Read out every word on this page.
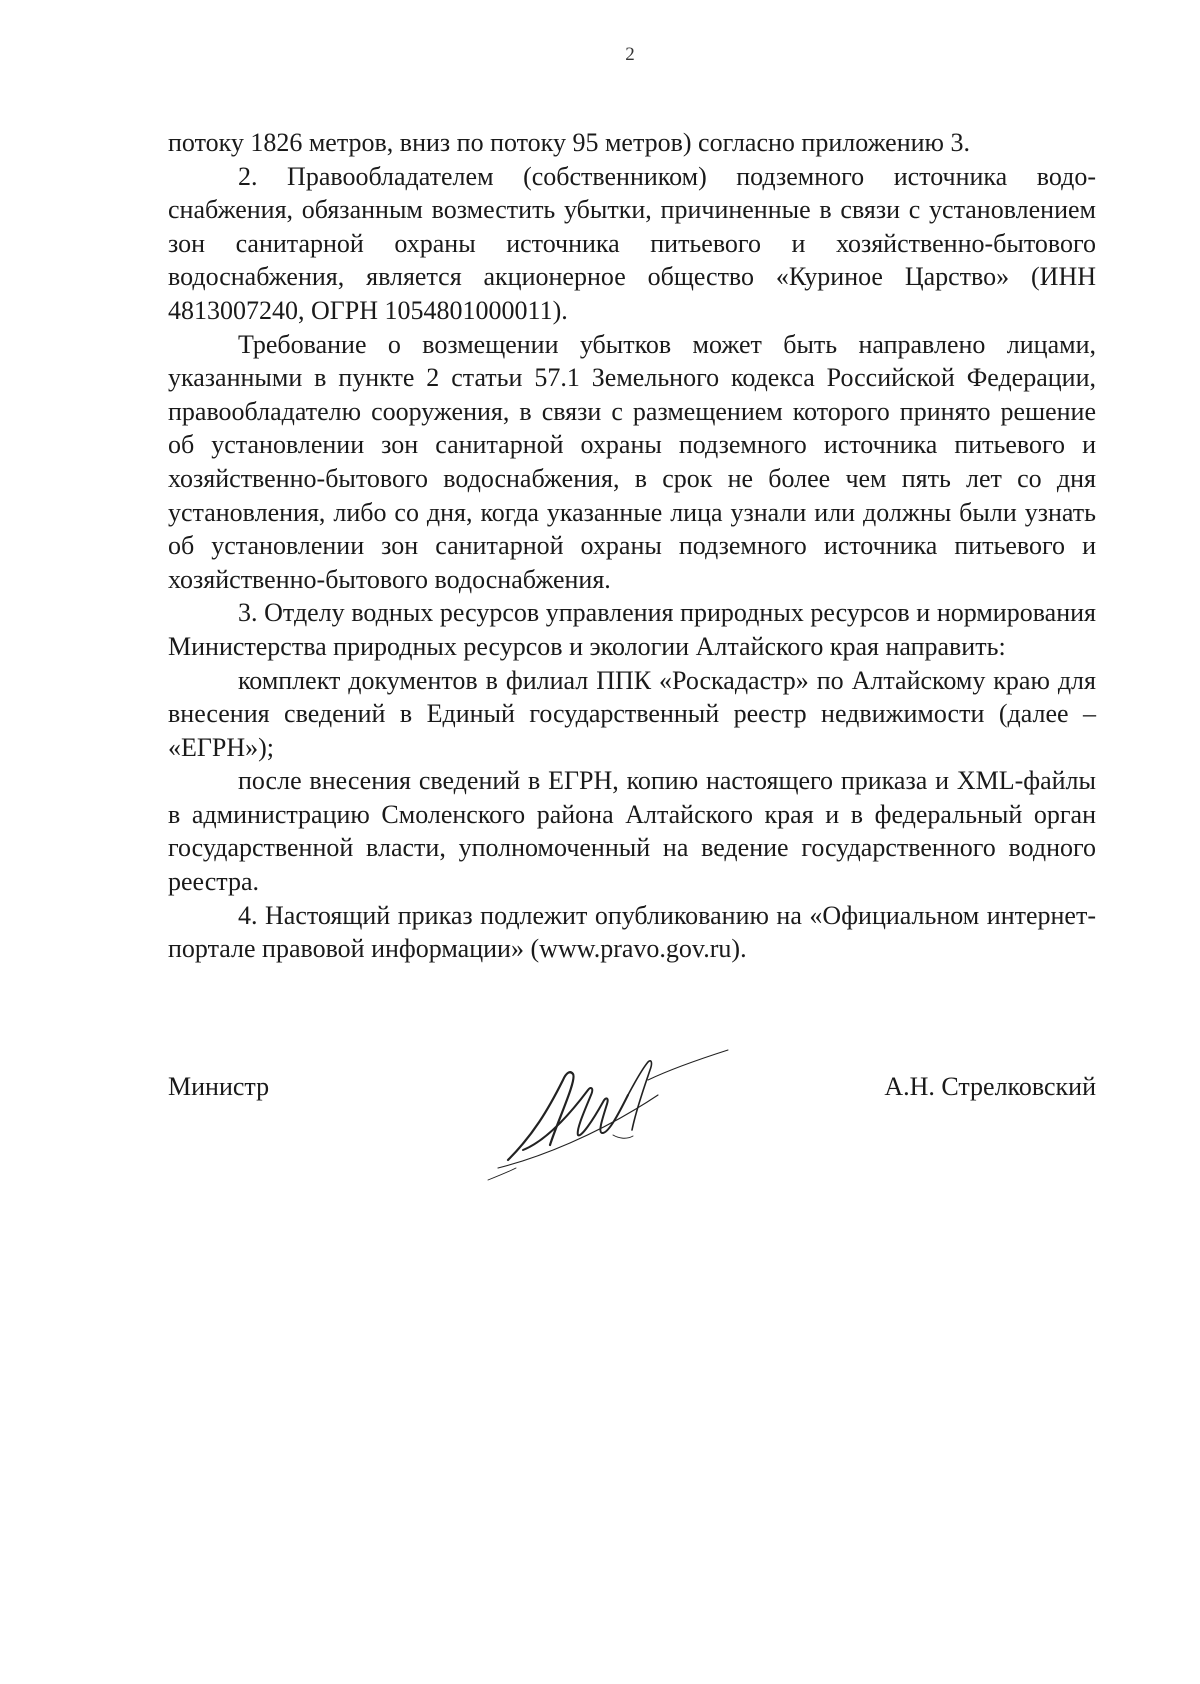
2

потоку 1826 метров, вниз по потоку 95 метров) согласно приложению 3.

2. Правообладателем (собственником) подземного источника водоснабжения, обязанным возместить убытки, причиненные в связи с установлением зон санитарной охраны источника питьевого и хозяйственно-бытового водоснабжения, является акционерное общество «Куриное Царство» (ИНН 4813007240, ОГРН 1054801000011).

Требование о возмещении убытков может быть направлено лицами, указанными в пункте 2 статьи 57.1 Земельного кодекса Российской Федерации, правообладателю сооружения, в связи с размещением которого принято решение об установлении зон санитарной охраны подземного источника питьевого и хозяйственно-бытового водоснабжения, в срок не более чем пять лет со дня установления, либо со дня, когда указанные лица узнали или должны были узнать об установлении зон санитарной охраны подземного источника питьевого и хозяйственно-бытового водоснабжения.

3. Отделу водных ресурсов управления природных ресурсов и нормирования Министерства природных ресурсов и экологии Алтайского края направить:

комплект документов в филиал ППК «Роскадастр» по Алтайскому краю для внесения сведений в Единый государственный реестр недвижимости (далее – «ЕГРН»);

после внесения сведений в ЕГРН, копию настоящего приказа и XML-файлы в администрацию Смоленского района Алтайского края и в федеральный орган государственной власти, уполномоченный на ведение государственного водного реестра.

4. Настоящий приказ подлежит опубликованию на «Официальном интернет-портале правовой информации» (www.pravo.gov.ru).

Министр	А.Н. Стрелковский
